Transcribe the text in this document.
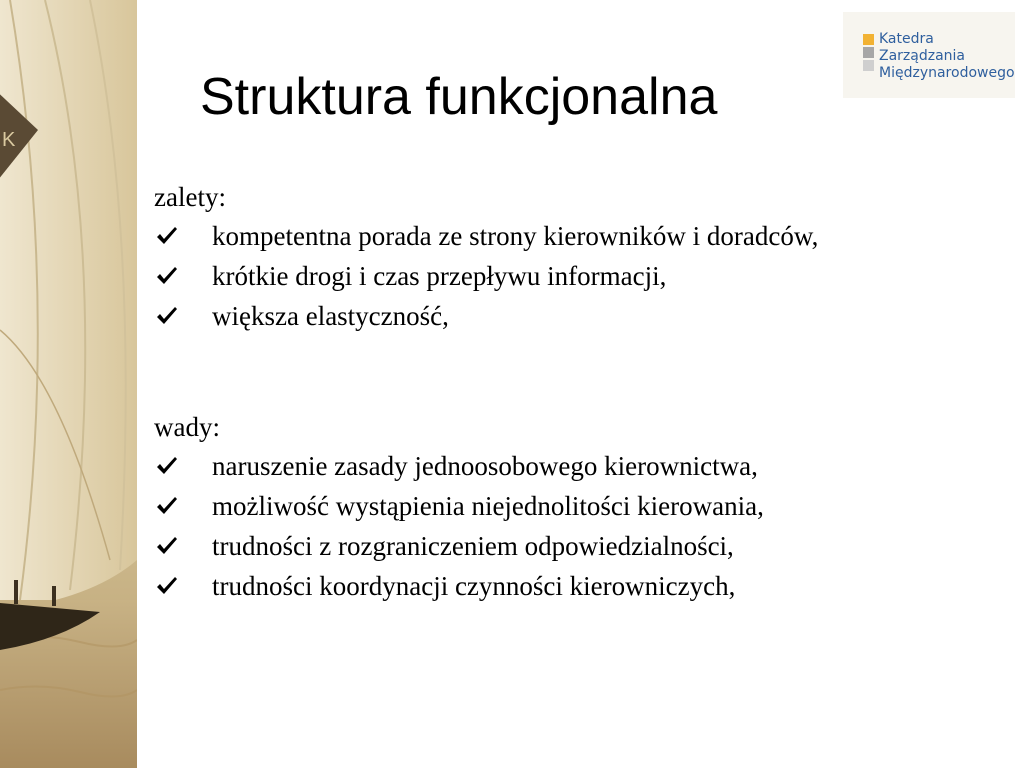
K
Katedra
Zarządzania
Międzynarodowego
Struktura funkcjonalna

zalety:

kompetentna porada ze strony kierowników i doradców,
krótkie drogi i czas przepływu informacji,
większa elastyczność,

wady:

naruszenie zasady jednoosobowego kierownictwa,
możliwość wystąpienia niejednolitości kierowania,
trudności z rozgraniczeniem odpowiedzialności,
trudności koordynacji czynności kierowniczych,
